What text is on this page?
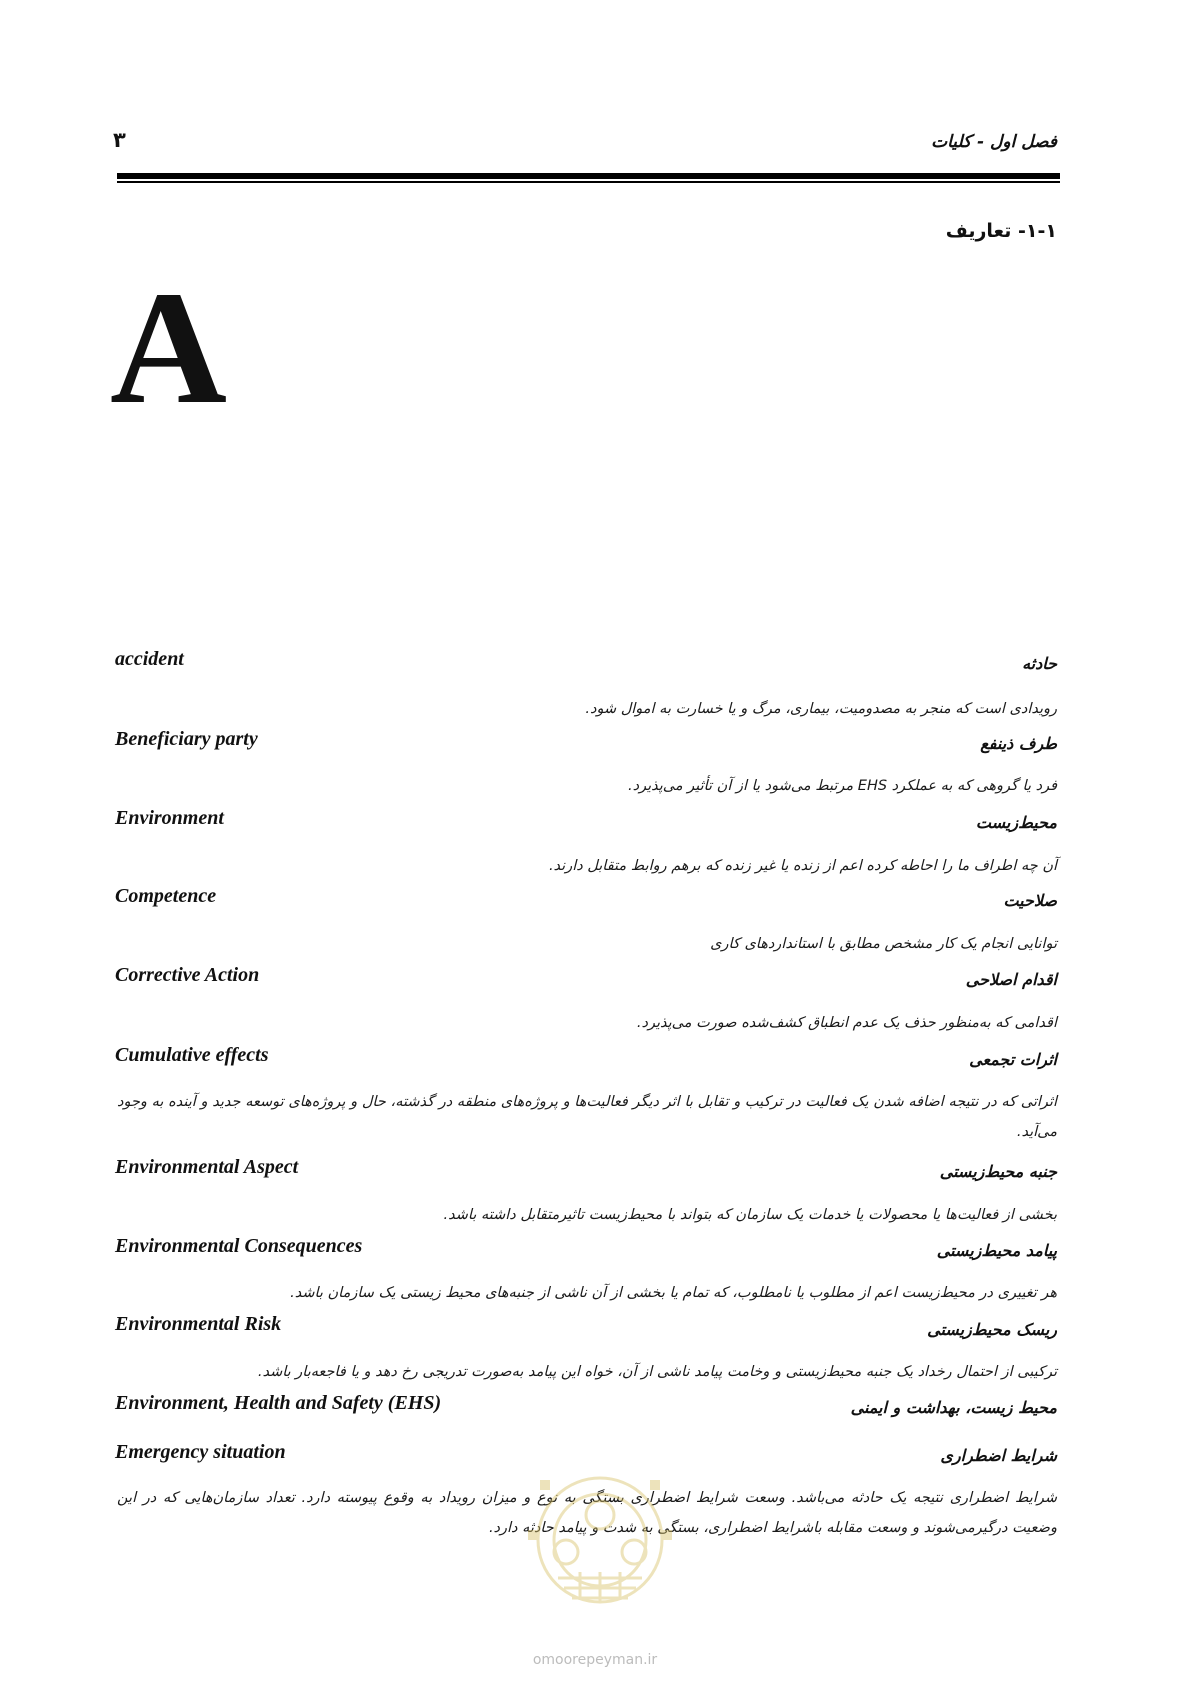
فصل اول - کلیات
۳
۱-۱- تعاریف
A
accident	حادثه
رویدادی است که منجر به مصدومیت، بیماری، مرگ و یا خسارت به اموال شود.
Beneficiary party	طرف ذینفع
فرد یا گروهی که به عملکرد EHS مرتبط می‌شود یا از آن تأثیر می‌پذیرد.
Environment	محیط‌زیست
آن چه اطراف ما را احاطه کرده اعم از زنده یا غیر زنده که برهم روابط متقابل دارند.
Competence	صلاحیت
توانایی انجام یک کار مشخص مطابق با استانداردهای کاری
Corrective Action	اقدام اصلاحی
اقدامی که به‌منظور حذف یک عدم انطباق کشف‌شده صورت می‌پذیرد.
Cumulative effects	اثرات تجمعی
اثراتی که در نتیجه اضافه شدن یک فعالیت در ترکیب و تقابل با اثر دیگر فعالیت‌ها و پروژه‌های منطقه در گذشته، حال و پروژه‌های توسعه جدید و آینده به وجود می‌آید.
Environmental Aspect	جنبه محیط‌زیستی
بخشی از فعالیت‌ها یا محصولات یا خدمات یک سازمان که بتواند با محیط‌زیست تاثیرمتقابل داشته باشد.
Environmental Consequences	پیامد محیط‌زیستی
هر تغییری در محیط‌زیست اعم از مطلوب یا نامطلوب، که تمام یا بخشی از آن ناشی از جنبه‌های محیط زیستی یک سازمان باشد.
Environmental Risk	ریسک محیط‌زیستی
ترکیبی از احتمال رخداد یک جنبه محیط‌زیستی و وخامت پیامد ناشی از آن، خواه این پیامد به‌صورت تدریجی رخ دهد و یا فاجعه‌بار باشد.
Environment, Health and Safety (EHS)	محیط زیست، بهداشت و ایمنی
Emergency situation	شرایط اضطراری
شرایط اضطراری نتیجه یک حادثه می‌باشد. وسعت شرایط اضطراری بستگی به نوع و میزان رویداد به وقوع پیوسته دارد. تعداد سازمان‌هایی که در این وضعیت درگیرمی‌شوند و وسعت مقابله باشرایط اضطراری، بستگی به شدت و پیامد حادثه دارد.
omoorepeyman.ir
